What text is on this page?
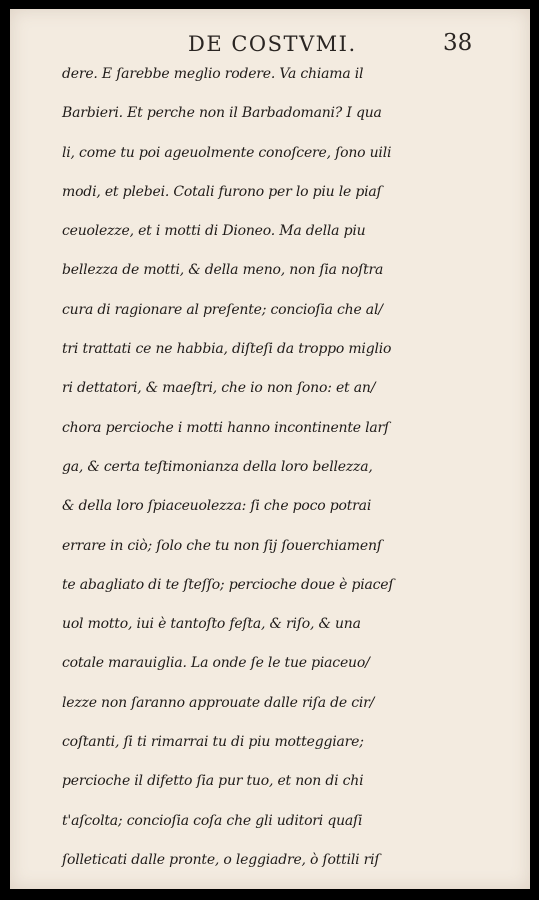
DE COSTVMI.	38
dere. E ſarebbe meglio rodere. Va chiama il
Barbieri. Et perche non il Barbadomani? I qua
li, come tu poi ageuolmente conoſcere, ſono uili
modi, et plebei. Cotali furono per lo piu le piaſ
ceuolezze, et i motti di Dioneo. Ma della piu
bellezza de motti, & della meno, non ſia noſtra
cura di ragionare al preſente; concioſia che al/
tri trattati ce ne habbia, diſteſi da troppo miglio
ri dettatori, & maeſtri, che io non ſono: et an/
chora percioche i motti hanno incontinente larſ
ga, & certa teſtimonianza della loro bellezza,
& della loro ſpiaceuolezza: ſi che poco potrai
errare in ciò; ſolo che tu non ſij ſouerchiamenſ
te abagliato di te ſteſſo; percioche doue è piaceſ
uol motto, iui è tantoſto feſta, & riſo, & una
cotale marauiglia. La onde ſe le tue piaceuo/
lezze non ſaranno approuate dalle riſa de cir/
coſtanti, ſi ti rimarrai tu di piu motteggiare;
percioche il difetto ſia pur tuo, et non di chi
t'aſcolta; concioſia coſa che gli uditori quaſi
ſolleticati dalle pronte, o leggiadre, ò ſottili riſ
